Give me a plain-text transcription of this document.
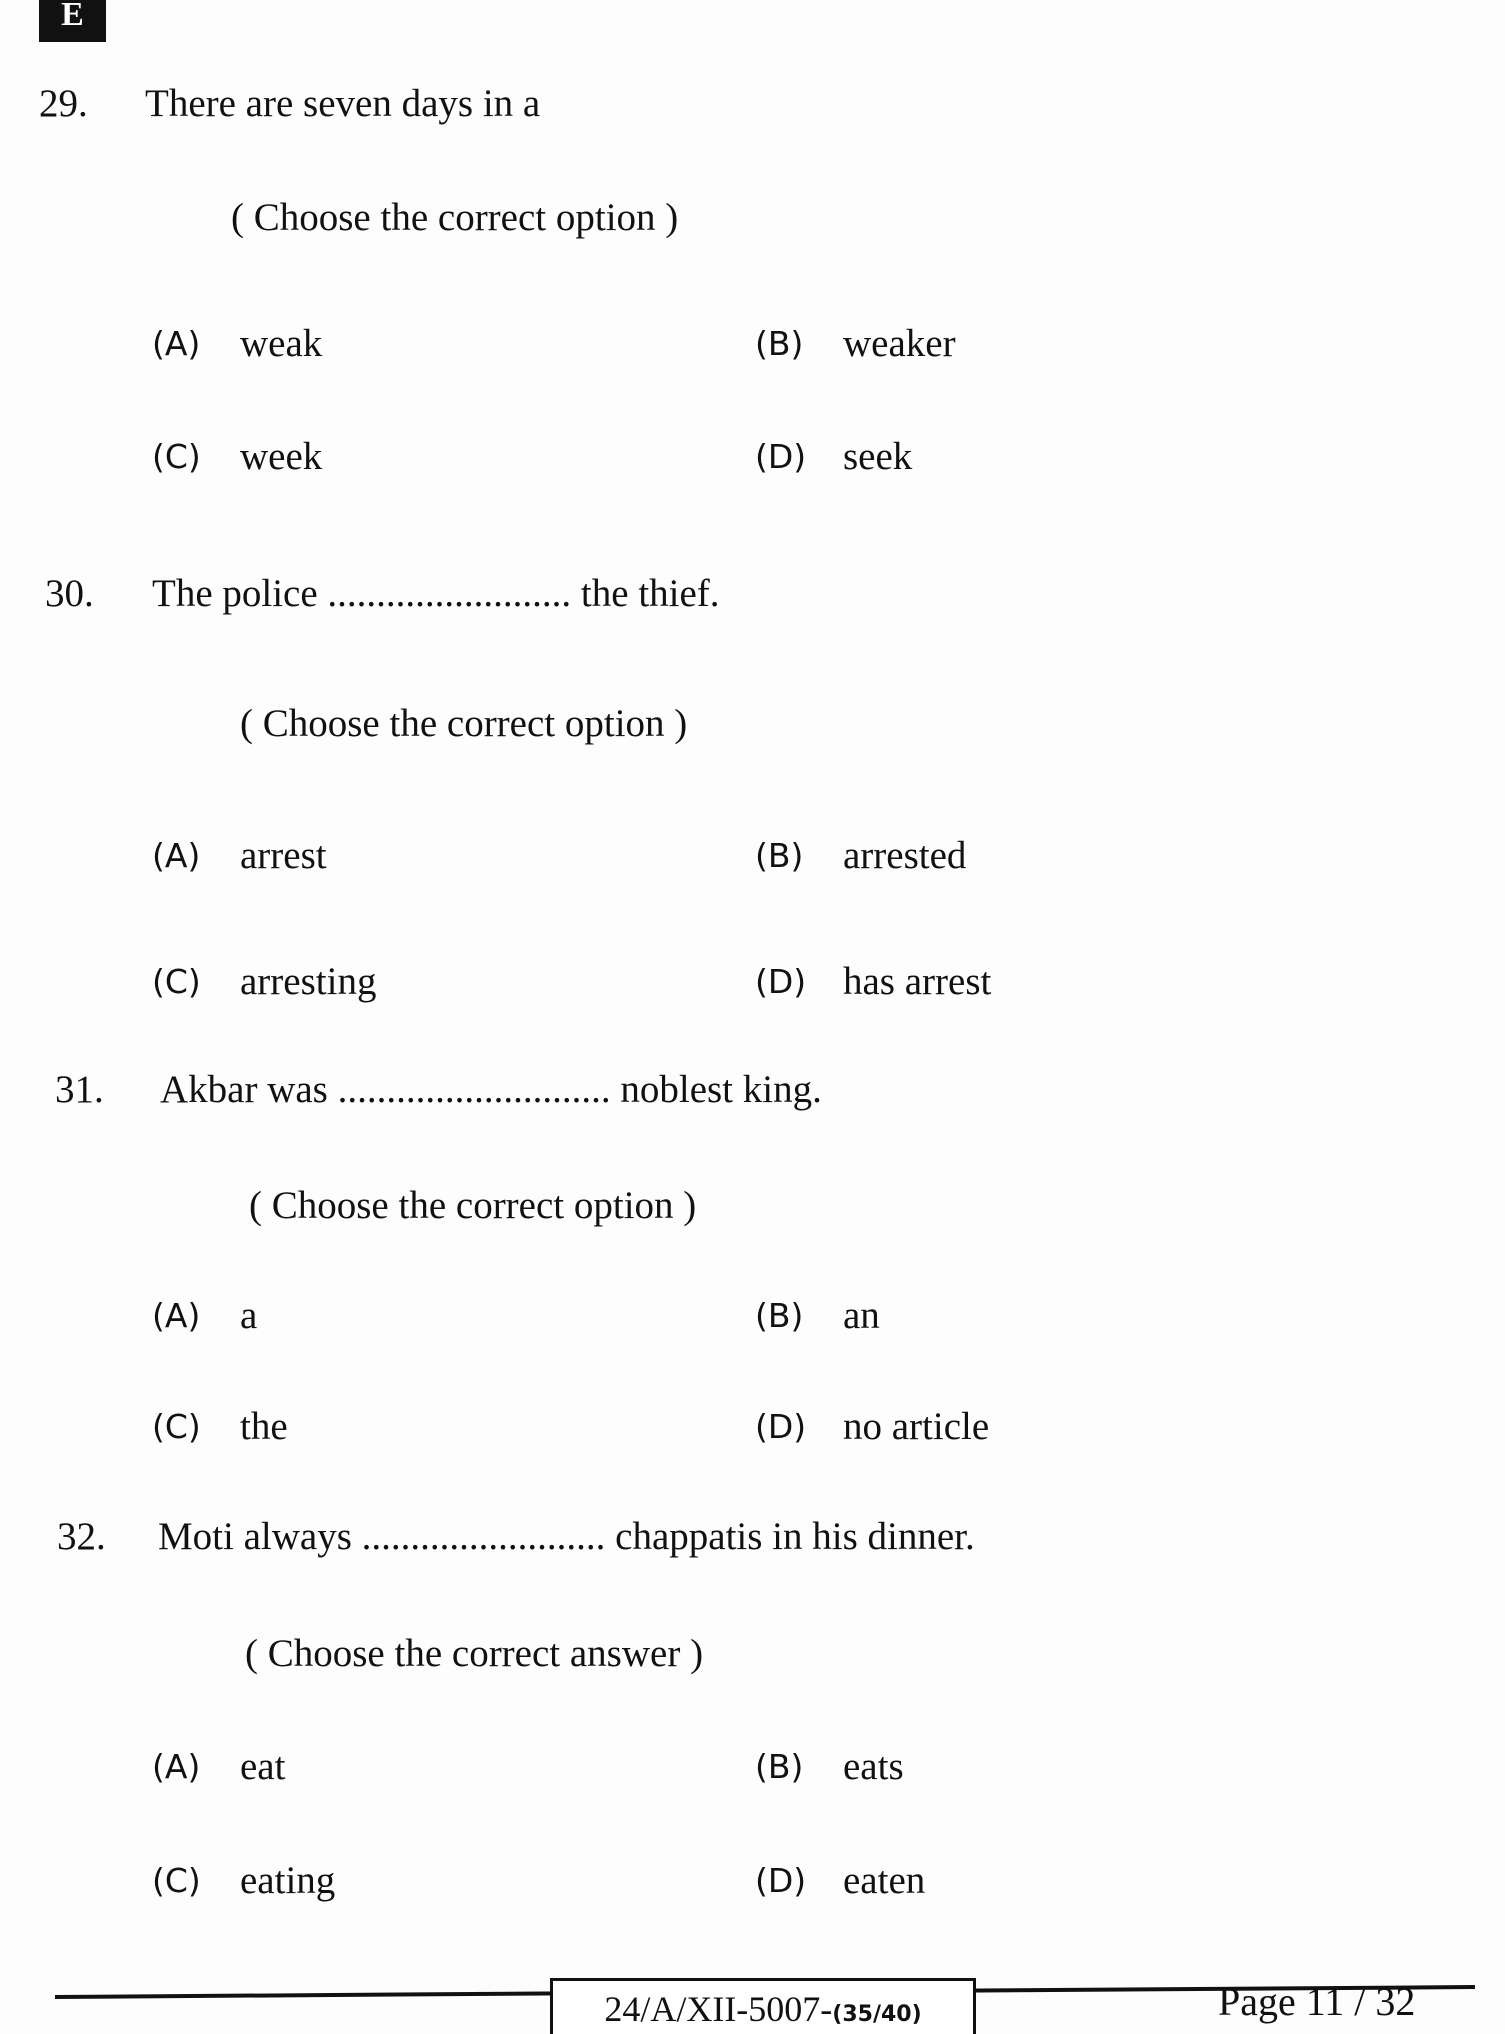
E
29. There are seven days in a
( Choose the correct option )
(A) weak	(B) weaker
(C) week	(D) seek
30. The police ......................... the thief.
( Choose the correct option )
(A) arrest	(B) arrested
(C) arresting	(D) has arrest
31. Akbar was ............................ noblest king.
( Choose the correct option )
(A) a	(B) an
(C) the	(D) no article
32. Moti always ......................... chappatis in his dinner.
( Choose the correct answer )
(A) eat	(B) eats
(C) eating	(D) eaten
24/A/XII-5007-(35/40)	Page 11 / 32
